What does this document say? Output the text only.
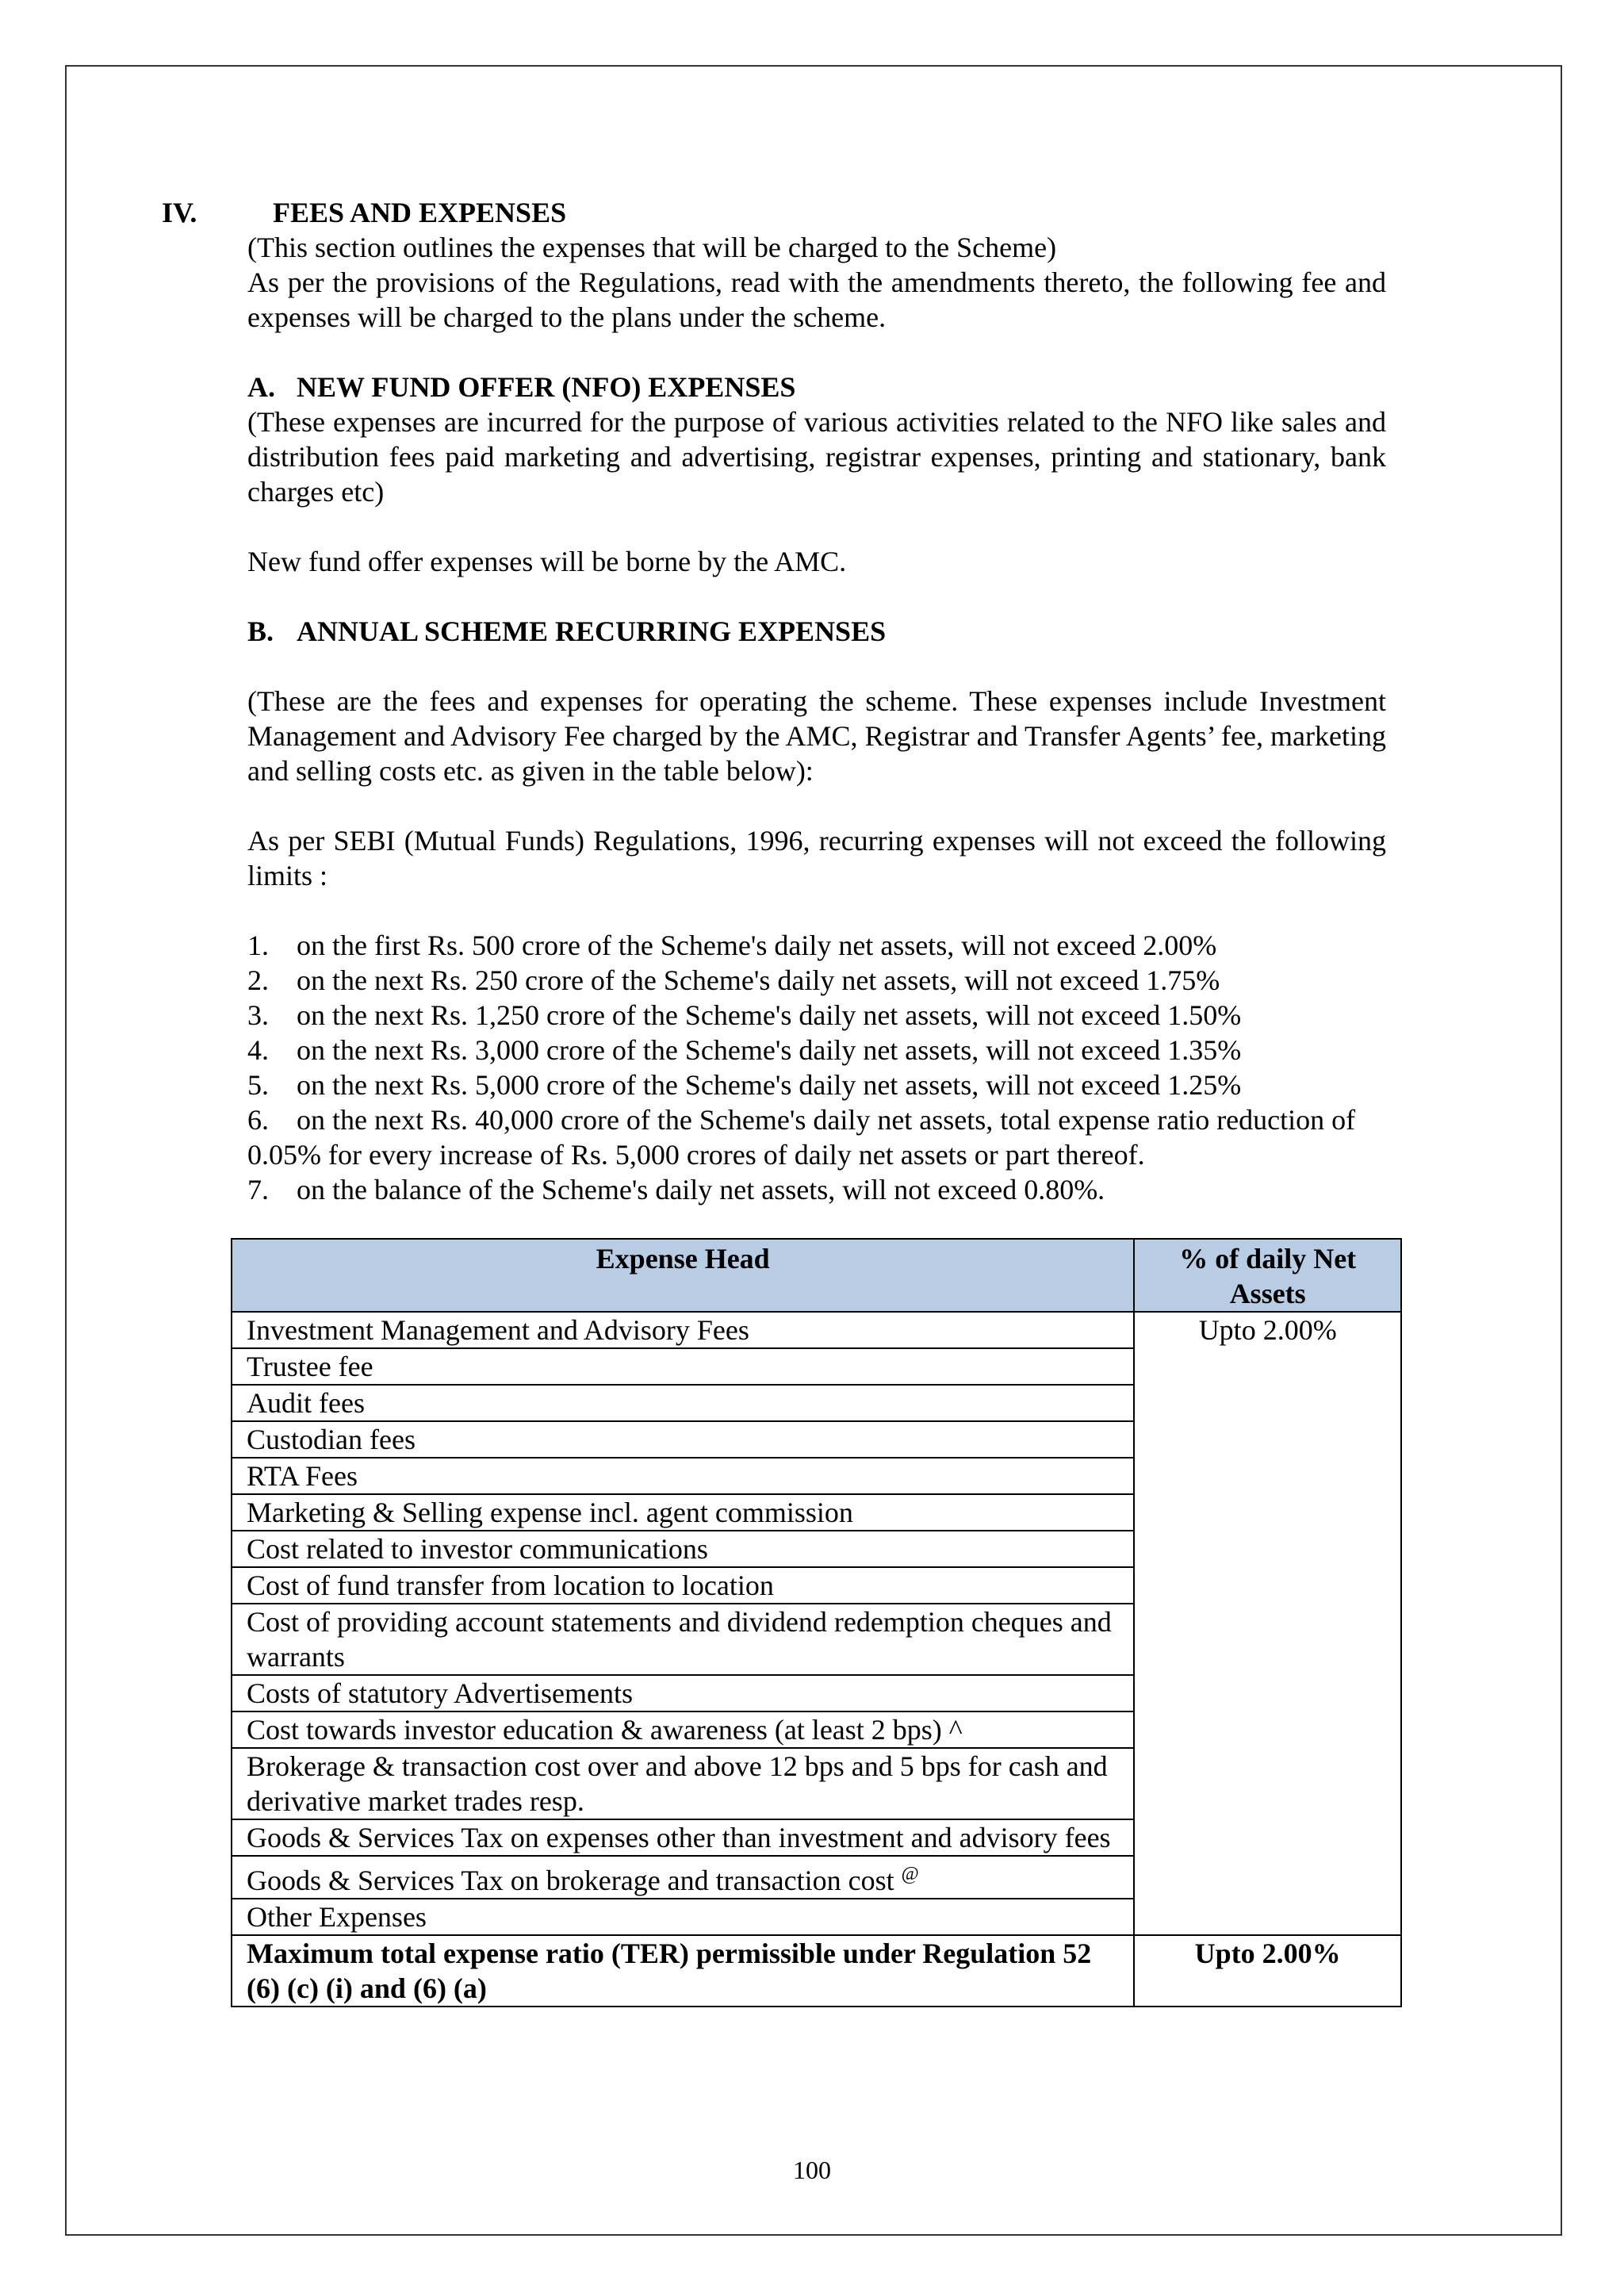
IV.	FEES AND EXPENSES

(This section outlines the expenses that will be charged to the Scheme)

As per the provisions of the Regulations, read with the amendments thereto, the following fee and expenses will be charged to the plans under the scheme.

A. NEW FUND OFFER (NFO) EXPENSES

(These expenses are incurred for the purpose of various activities related to the NFO like sales and distribution fees paid marketing and advertising, registrar expenses, printing and stationary, bank charges etc)

New fund offer expenses will be borne by the AMC.

B. ANNUAL SCHEME RECURRING EXPENSES

(These are the fees and expenses for operating the scheme. These expenses include Investment Management and Advisory Fee charged by the AMC, Registrar and Transfer Agents’ fee, marketing and selling costs etc. as given in the table below):

As per SEBI (Mutual Funds) Regulations, 1996, recurring expenses will not exceed the following limits :

1. on the first Rs. 500 crore of the Scheme's daily net assets, will not exceed 2.00%
2. on the next Rs. 250 crore of the Scheme's daily net assets, will not exceed 1.75%
3. on the next Rs. 1,250 crore of the Scheme's daily net assets, will not exceed 1.50%
4. on the next Rs. 3,000 crore of the Scheme's daily net assets, will not exceed 1.35%
5. on the next Rs. 5,000 crore of the Scheme's daily net assets, will not exceed 1.25%
6. on the next Rs. 40,000 crore of the Scheme's daily net assets, total expense ratio reduction of 0.05% for every increase of Rs. 5,000 crores of daily net assets or part thereof.
7. on the balance of the Scheme's daily net assets, will not exceed 0.80%.
Expense Head	% of daily Net Assets
Investment Management and Advisory Fees	Upto 2.00%
Trustee fee	
Audit fees	
Custodian fees	
RTA Fees	
Marketing & Selling expense incl. agent commission	
Cost related to investor communications	
Cost of fund transfer from location to location	
Cost of providing account statements and dividend redemption cheques and warrants	
Costs of statutory Advertisements	
Cost towards investor education & awareness (at least 2 bps) ^	
Brokerage & transaction cost over and above 12 bps and 5 bps for cash and derivative market trades resp.	
Goods & Services Tax on expenses other than investment and advisory fees	
Goods & Services Tax on brokerage and transaction cost @
Other Expenses	
Maximum total expense ratio (TER) permissible under Regulation 52 (6) (c) (i) and (6) (a)	Upto 2.00%
100
